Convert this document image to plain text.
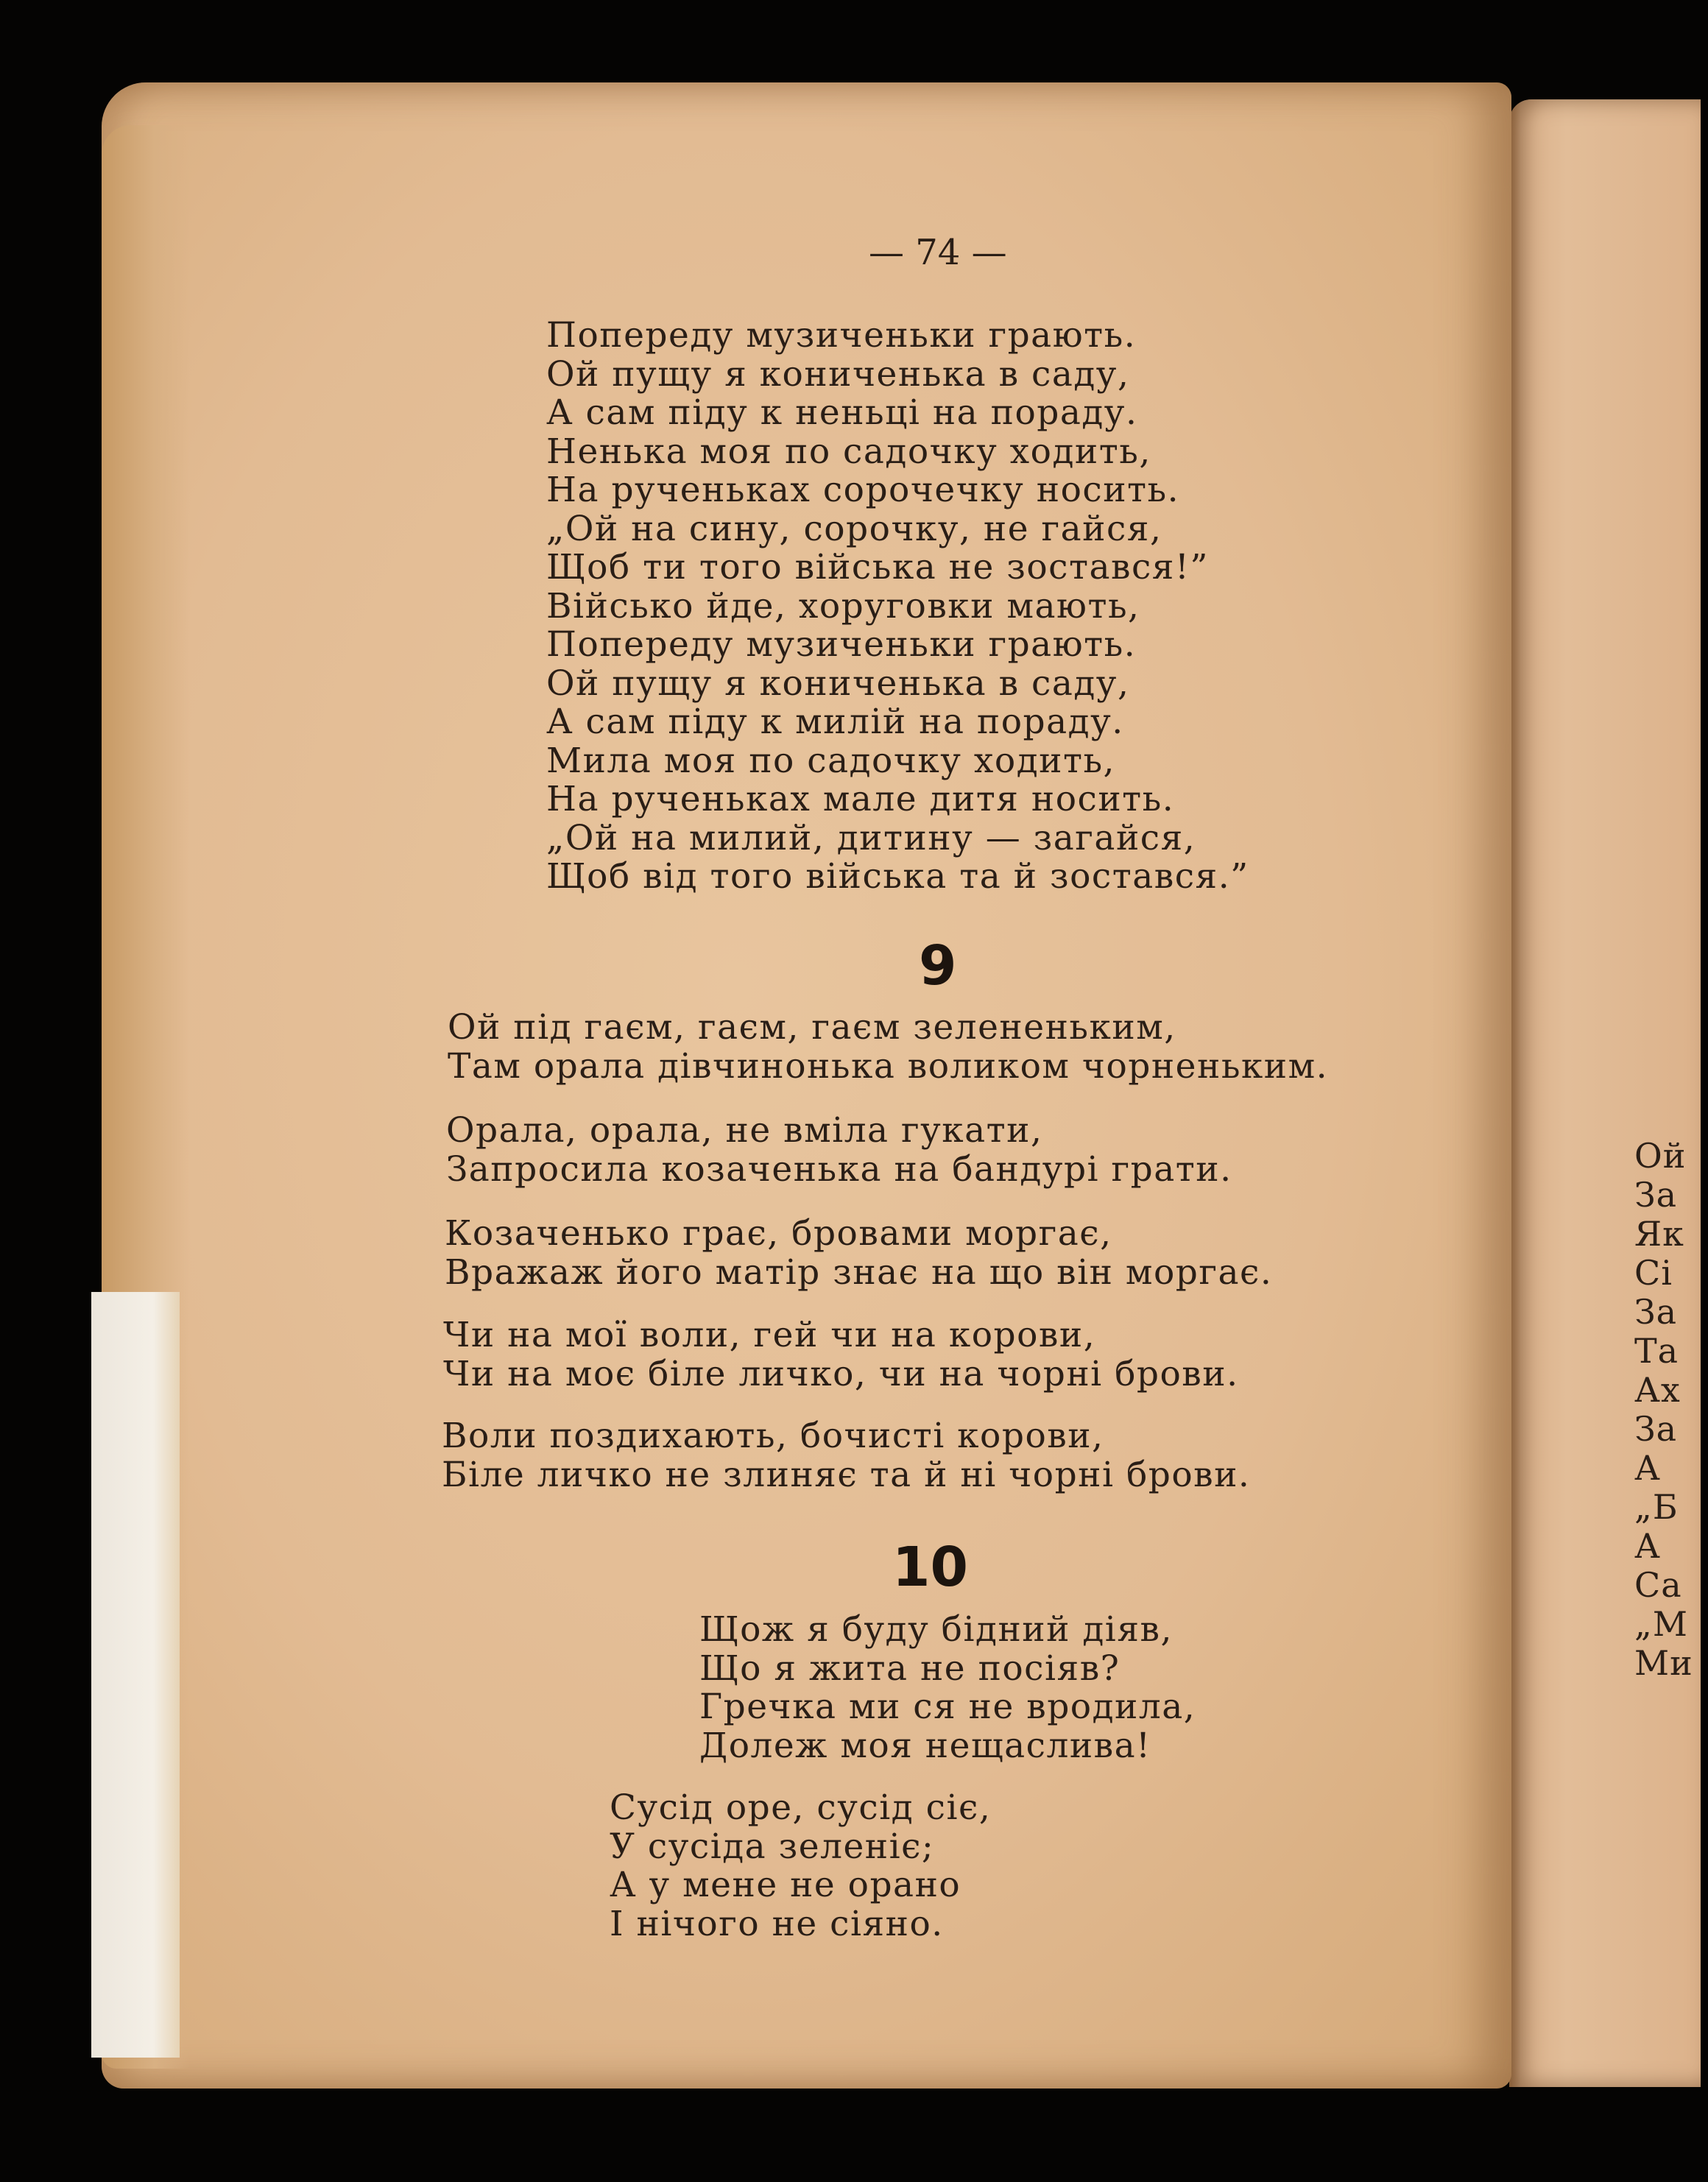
Ой
За
Як
Сі
За
Та
Ах
За
А
„Б
А
Са
„М
Ми
— 74 —
Попереду музиченьки грають.
Ой пущу я кониченька в саду,
А сам піду к неньці на пораду.
Ненька моя по садочку ходить,
На рученьках сорочечку носить.
„Ой на сину, сорочку, не гайся,
Щоб ти того війська не зостався!”
Військо йде, хоруговки мають,
Попереду музиченьки грають.
Ой пущу я кониченька в саду,
А сам піду к милій на пораду.
Мила моя по садочку ходить,
На рученьках мале дитя носить.
„Ой на милий, дитину — загайся,
Щоб від того війська та й зостався.”
9
Ой під гаєм, гаєм, гаєм зелененьким,
Там орала дівчинонька воликом чорненьким.
Орала, орала, не вміла гукати,
Запросила козаченька на бандурі грати.
Козаченько грає, бровами моргає,
Вражаж його матір знає на що він моргає.
Чи на мої воли, гей чи на корови,
Чи на моє біле личко, чи на чорні брови.
Воли поздихають, бочисті корови,
Біле личко не злиняє та й ні чорні брови.
10
Щож я буду бідний діяв,
Що я жита не посіяв?
Гречка ми ся не вродила,
Долеж моя нещаслива!
Сусід оре, сусід сіє,
У сусіда зеленіє;
А у мене не орано
І нічого не сіяно.
